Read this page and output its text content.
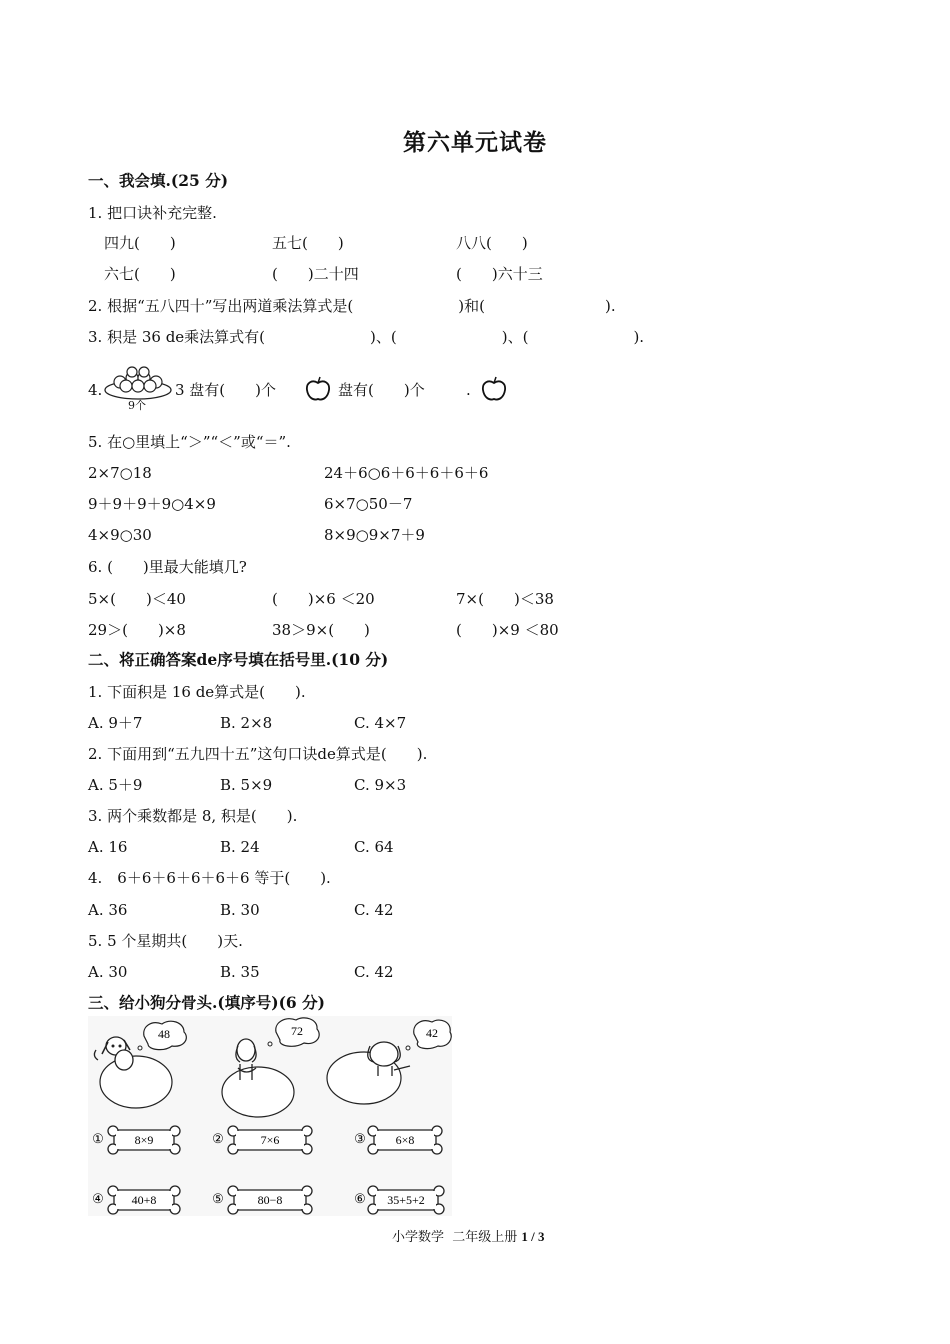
第六单元试卷
一、我会填.(25 分)
1. 把口诀补充完整.
四九(　　)	五七(　　)	八八(　　)
六七(　　)	(　　)二十四	(　　)六十三
2. 根据“五八四十”写出两道乘法算式是(　　　　　　　)和(　　　　　　　　).
3. 积是 36 de乘法算式有(　　　　　　　)、(　　　　　　　)、(　　　　　　　).
4.
9个
3 盘有(　　)个	盘有(　　)个	.
5. 在○里填上“＞”“＜”或“＝”.
2×7○18	24＋6○6＋6＋6＋6＋6
9＋9＋9＋9○4×9	6×7○50－7
4×9○30	8×9○9×7＋9
6. (　　)里最大能填几?
5×(　　)＜40	(　　)×6 ＜20	7×(　　)＜38
29＞(　　)×8	38＞9×(　　)	(　　)×9 ＜80
二、将正确答案de序号填在括号里.(10 分)
1. 下面积是 16 de算式是(　　).
A. 9＋7	B. 2×8	C. 4×7
2. 下面用到“五九四十五”这句口诀de算式是(　　).
A. 5＋9	B. 5×9	C. 9×3
3. 两个乘数都是 8, 积是(　　).
A. 16	B. 24	C. 64
4.　6＋6＋6＋6＋6＋6 等于(　　).
A. 36	B. 30	C. 42
5. 5 个星期共(　　)天.
A. 30	B. 35	C. 42
三、给小狗分骨头.(填序号)(6 分)
48	72	42
①	8×9	②	7×6	③ 6×8
④ 40+8	⑤	80−8	⑥ 35+5+2
小学数学  二年级上册 1 / 3
